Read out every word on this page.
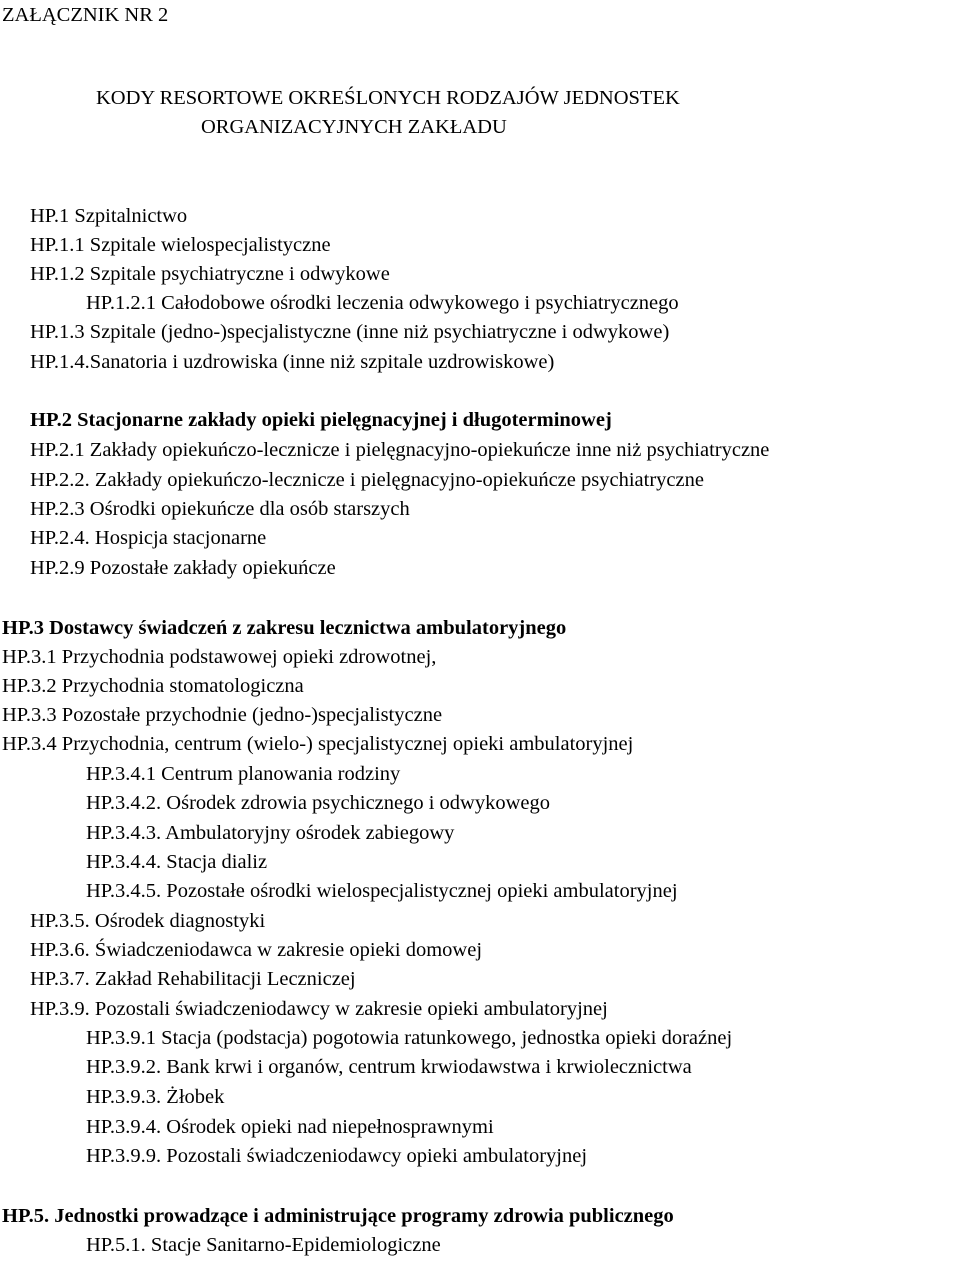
ZAŁĄCZNIK NR 2
KODY RESORTOWE OKREŚLONYCH RODZAJÓW JEDNOSTEK
ORGANIZACYJNYCH ZAKŁADU
HP.1 Szpitalnictwo
HP.1.1 Szpitale wielospecjalistyczne
HP.1.2 Szpitale psychiatryczne i odwykowe
HP.1.2.1 Całodobowe ośrodki leczenia odwykowego i psychiatrycznego
HP.1.3 Szpitale (jedno-)specjalistyczne (inne niż psychiatryczne i odwykowe)
HP.1.4.Sanatoria i uzdrowiska (inne niż szpitale uzdrowiskowe)
HP.2 Stacjonarne zakłady opieki pielęgnacyjnej i długoterminowej
HP.2.1 Zakłady opiekuńczo-lecznicze i pielęgnacyjno-opiekuńcze inne niż psychiatryczne
HP.2.2. Zakłady opiekuńczo-lecznicze i pielęgnacyjno-opiekuńcze psychiatryczne
HP.2.3 Ośrodki opiekuńcze dla osób starszych
HP.2.4. Hospicja stacjonarne
HP.2.9 Pozostałe zakłady opiekuńcze
HP.3 Dostawcy świadczeń z zakresu lecznictwa ambulatoryjnego
HP.3.1 Przychodnia podstawowej opieki zdrowotnej,
HP.3.2 Przychodnia stomatologiczna
HP.3.3 Pozostałe przychodnie (jedno-)specjalistyczne
HP.3.4 Przychodnia, centrum (wielo-) specjalistycznej opieki ambulatoryjnej
HP.3.4.1 Centrum planowania rodziny
HP.3.4.2. Ośrodek zdrowia psychicznego i odwykowego
HP.3.4.3. Ambulatoryjny ośrodek zabiegowy
HP.3.4.4. Stacja dializ
HP.3.4.5. Pozostałe ośrodki wielospecjalistycznej opieki ambulatoryjnej
HP.3.5. Ośrodek diagnostyki
HP.3.6. Świadczeniodawca w zakresie opieki domowej
HP.3.7. Zakład Rehabilitacji Leczniczej
HP.3.9. Pozostali świadczeniodawcy w zakresie opieki ambulatoryjnej
HP.3.9.1 Stacja (podstacja) pogotowia ratunkowego, jednostka opieki doraźnej
HP.3.9.2. Bank krwi i organów, centrum krwiodawstwa i krwiolecznictwa
HP.3.9.3. Żłobek
HP.3.9.4. Ośrodek opieki nad niepełnosprawnymi
HP.3.9.9. Pozostali świadczeniodawcy opieki ambulatoryjnej
HP.5. Jednostki prowadzące i administrujące programy zdrowia publicznego
HP.5.1. Stacje Sanitarno-Epidemiologiczne
